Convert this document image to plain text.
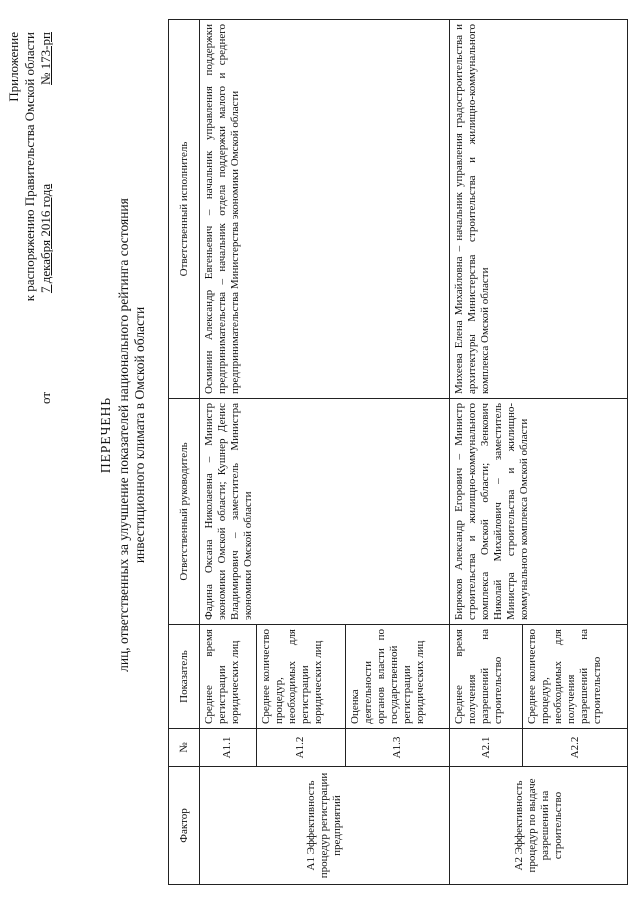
Приложение к распоряжению Правительства Омской области
от
7 декабря 2016 года
№ 173-рп
ПЕРЕЧЕНЬ лиц, ответственных за улучшение показателей национального рейтинга состояния инвестиционного климата в Омской области
Фактор	№	Показатель	Ответственный руководитель	Ответственный исполнитель
А1 Эффективность процедур регистрации предприятий	А1.1	Среднее время регистрации юридических лиц	Фадина Оксана Николаевна – Министр экономики Омской области; Кушнер Денис Владимирович – заместитель Министра экономики Омской области	Осминин Александр Евгеньевич – начальник управления поддержки предпринимательства – начальник отдела поддержки малого и среднего предпринимательства Министерства экономики Омской области
	А1.2	Среднее количество процедур, необходимых для регистрации юридических лиц		
	А1.3	Оценка деятельности органов власти по государственной регистрации юридических лиц		
А2 Эффективность процедур по выдаче разрешений на строительство	А2.1	Среднее время получения разрешений на строительство	Бирюков Александр Егорович – Министр строительства и жилищно-коммунального комплекса Омской области; Зенкович Николай Михайлович – заместитель Министра строительства и жилищно-коммунального комплекса Омской области	Михеева Елена Михайловна – начальник управления градостроительства и архитектуры Министерства строительства и жилищно-коммунального комплекса Омской области
	А2.2	Среднее количество процедур, необходимых для получения разрешений на строительство		
